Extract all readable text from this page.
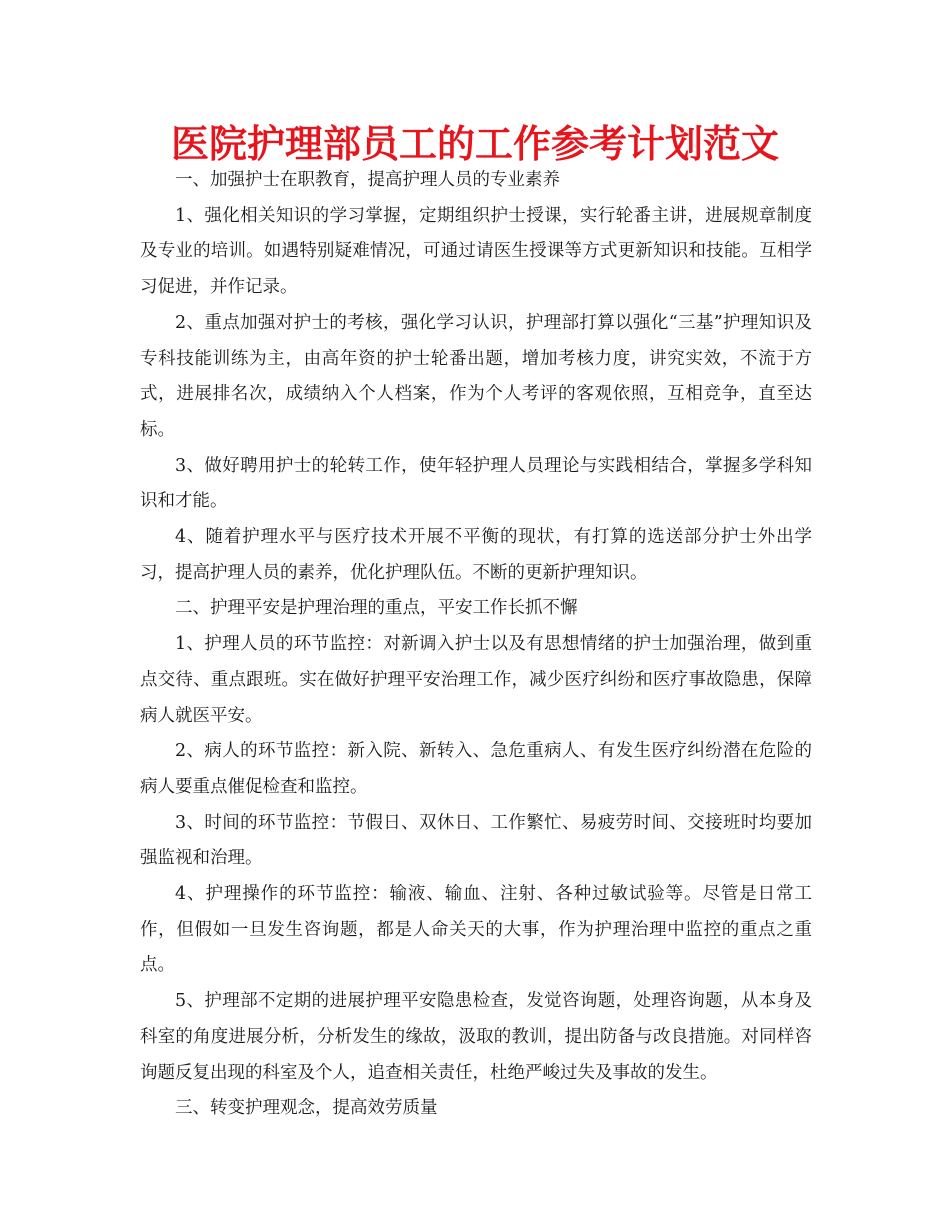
医院护理部员工的工作参考计划范文

一、加强护士在职教育，提高护理人员的专业素养

1、强化相关知识的学习掌握，定期组织护士授课，实行轮番主讲，进展规章制度及专业的培训。如遇特别疑难情况，可通过请医生授课等方式更新知识和技能。互相学习促进，并作记录。

2、重点加强对护士的考核，强化学习认识，护理部打算以强化“三基”护理知识及专科技能训练为主，由高年资的护士轮番出题，增加考核力度，讲究实效，不流于方式，进展排名次，成绩纳入个人档案，作为个人考评的客观依照，互相竞争，直至达标。

3、做好聘用护士的轮转工作，使年轻护理人员理论与实践相结合，掌握多学科知识和才能。

4、随着护理水平与医疗技术开展不平衡的现状，有打算的选送部分护士外出学习，提高护理人员的素养，优化护理队伍。不断的更新护理知识。

二、护理平安是护理治理的重点，平安工作长抓不懈

1、护理人员的环节监控：对新调入护士以及有思想情绪的护士加强治理，做到重点交待、重点跟班。实在做好护理平安治理工作，减少医疗纠纷和医疗事故隐患，保障病人就医平安。

2、病人的环节监控：新入院、新转入、急危重病人、有发生医疗纠纷潜在危险的病人要重点催促检查和监控。

3、时间的环节监控：节假日、双休日、工作繁忙、易疲劳时间、交接班时均要加强监视和治理。

4、护理操作的环节监控：输液、输血、注射、各种过敏试验等。尽管是日常工作，但假如一旦发生咨询题，都是人命关天的大事，作为护理治理中监控的重点之重点。

5、护理部不定期的进展护理平安隐患检查，发觉咨询题，处理咨询题，从本身及科室的角度进展分析，分析发生的缘故，汲取的教训，提出防备与改良措施。对同样咨询题反复出现的科室及个人，追查相关责任，杜绝严峻过失及事故的发生。

三、转变护理观念，提高效劳质量
